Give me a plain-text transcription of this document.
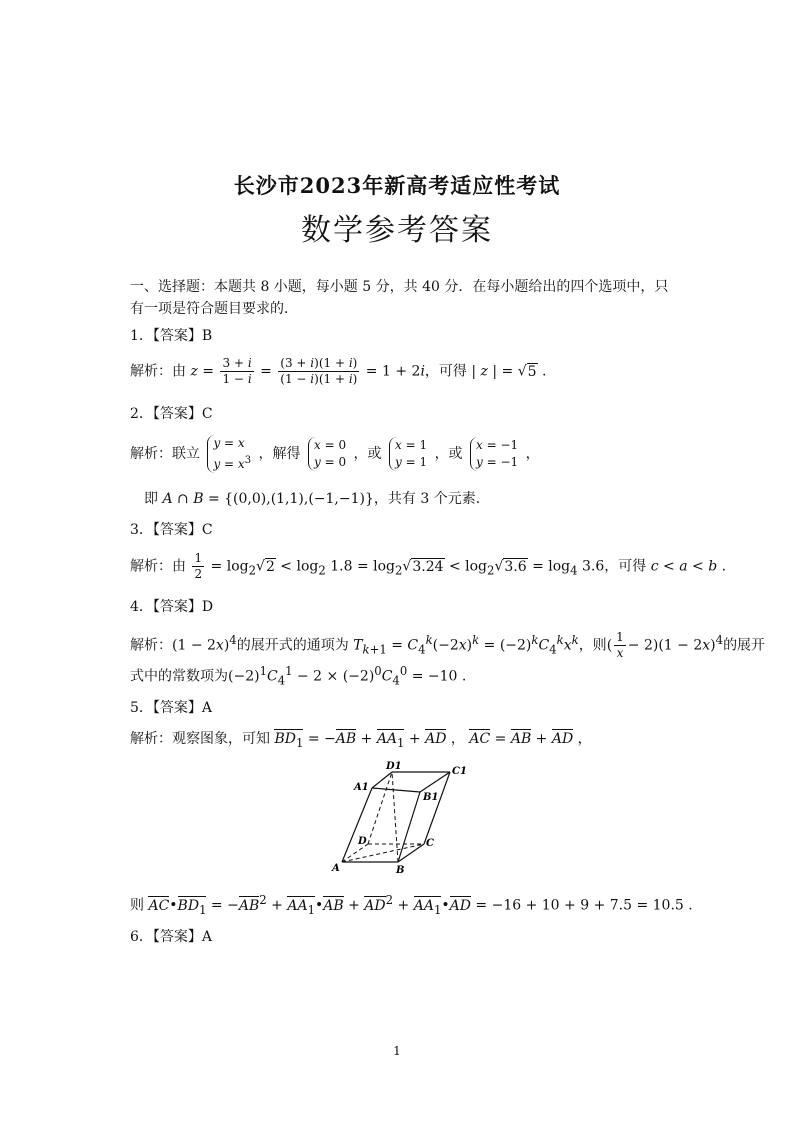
长沙市2023年新高考适应性考试
数学参考答案
一、选择题：本题共 8 小题，每小题 5 分，共 40 分．在每小题给出的四个选项中，只有一项是符合题目要求的．
1．【答案】B
解析：由 $z = \frac{3 + i}{1 - i} = \frac{(3 + i)(1 + i)}{(1 - i)(1 + i)} = 1 + 2i$，可得 | z | = √5 .
2．【答案】C
解析：联立
y = x
$y = x^3$ ，解得
x = 0
y = 0 ，或
x = 1
y = 1 ，或
x = −1
y = −1 ，
即 A ∩ B = {(0,0),(1,1),(−1,−1)}，共有 3 个元素．
3．【答案】C
解析：由 $\frac{1}{2} = \log_2√2 < \log_2 1.8 = \log_2√3.24 < \log_2√3.6 = \log_4 3.6$，可得 c < a < b .
4．【答案】D
解析：$(1 - 2x)^4$的展开式的通项为 $T_{k+1} = C_4^k(-2x)^k = (-2)^kC_4^kx^k$，则( $\frac{1}{x} - 2)(1 - 2x)^4$的展开
式中的常数项为$(-2)^1C_4^1 - 2 \times (-2)^0C_4^0 = -10$ .
5．【答案】A
解析：观察图象，可知 $BD_1 = -AB + AA_1$ + AD ， AC = AB + AD ，
D1	C1
A1
B1
D	C
A	B
则 $AC•BD_1 = -AB^2$ + $AA_1•AB + AD^2$ + $AA_1•AD = -16 + 10 + 9 + 7.5 = 10.5$ .
6．【答案】A
1
